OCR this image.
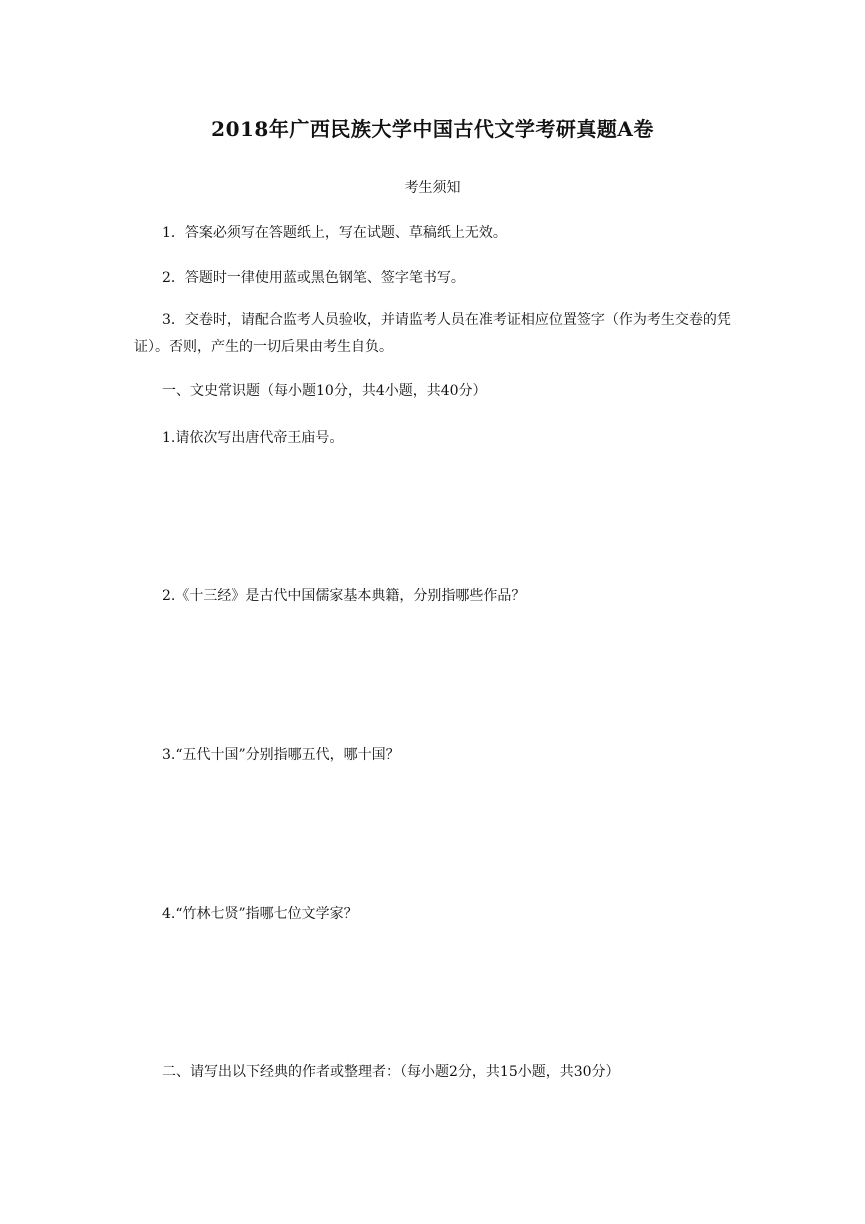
2018年广西民族大学中国古代文学考研真题A卷
考生须知
1．答案必须写在答题纸上，写在试题、草稿纸上无效。
2．答题时一律使用蓝或黑色钢笔、签字笔书写。
3．交卷时，请配合监考人员验收，并请监考人员在准考证相应位置签字（作为考生交卷的凭证）。否则，产生的一切后果由考生自负。
一、文史常识题（每小题10分，共4小题，共40分）
1.请依次写出唐代帝王庙号。
2.《十三经》是古代中国儒家基本典籍，分别指哪些作品？
3.“五代十国”分别指哪五代，哪十国？
4.“竹林七贤”指哪七位文学家？
二、请写出以下经典的作者或整理者：（每小题2分，共15小题，共30分）
